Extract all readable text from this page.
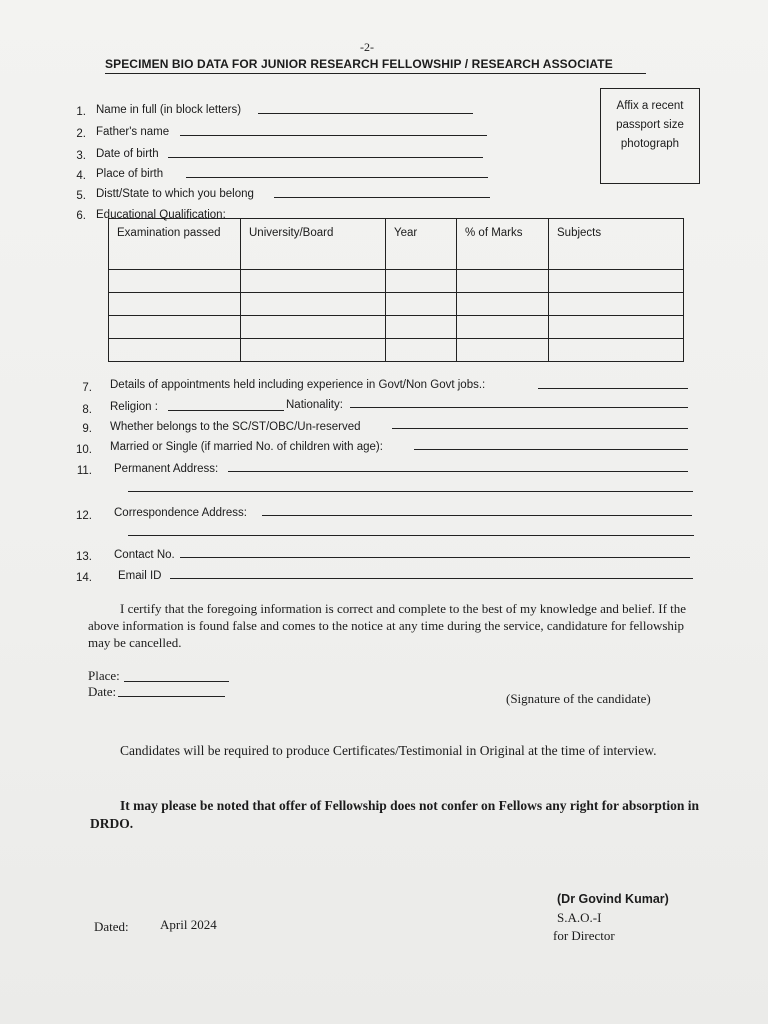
-2-
SPECIMEN BIO DATA FOR JUNIOR RESEARCH FELLOWSHIP / RESEARCH ASSOCIATE
Affix a recent
passport size
photograph
1. Name in full (in block letters)
2. Father's name
3. Date of birth
4. Place of birth
5. Distt/State to which you belong
6. Educational Qualification:
Examination passed	University/Board	Year	% of Marks	Subjects

7. Details of appointments held including experience in Govt/Non Govt jobs.:
8. Religion :	Nationality:
9. Whether belongs to the SC/ST/OBC/Un-reserved
10. Married or Single (if married No. of children with age):
11. Permanent Address:
12. Correspondence Address:
13. Contact No.
14. Email ID
I certify that the foregoing information is correct and complete to the best of my knowledge and belief. If the above information is found false and comes to the notice at any time during the service, candidature for fellowship may be cancelled.
Place:
Date:	(Signature of the candidate)
Candidates will be required to produce Certificates/Testimonial in Original at the time of interview.
It may please be noted that offer of Fellowship does not confer on Fellows any right for absorption in DRDO.
(Dr Govind Kumar)
S.A.O.-I
for Director
Dated: April 2024
